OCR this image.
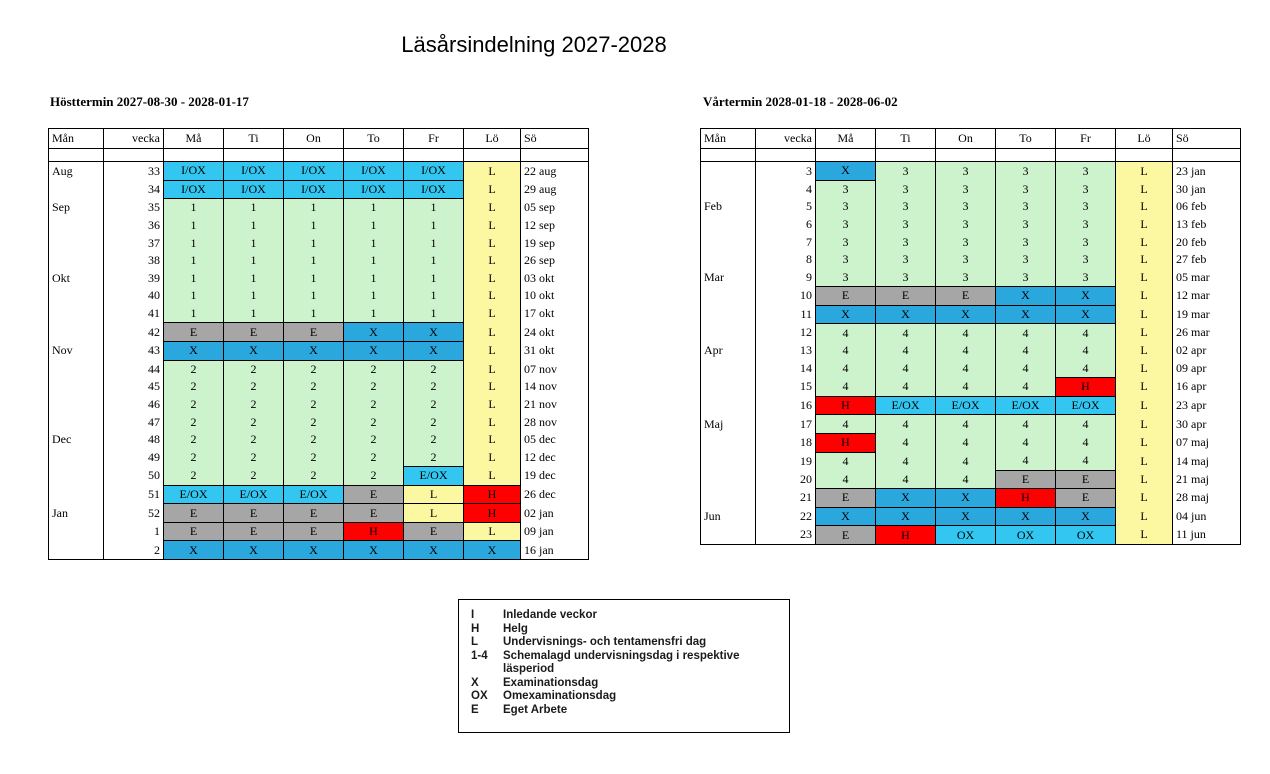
Läsårsindelning 2027-2028
Hösttermin 2027-08-30 - 2028-01-17	Vårtermin 2028-01-18 - 2028-06-02
Mån	vecka	Må	Ti	On	To	Fr	Lö	Sö

Aug	33	I/OX	I/OX	I/OX	I/OX	I/OX	L	22 aug
	34	I/OX	I/OX	I/OX	I/OX	I/OX	L	29 aug
Sep	35	1	1	1	1	1	L	05 sep
	36	1	1	1	1	1	L	12 sep
	37	1	1	1	1	1	L	19 sep
	38	1	1	1	1	1	L	26 sep
Okt	39	1	1	1	1	1	L	03 okt
	40	1	1	1	1	1	L	10 okt
	41	1	1	1	1	1	L	17 okt
	42	E	E	E	X	X	L	24 okt
Nov	43	X	X	X	X	X	L	31 okt
	44	2	2	2	2	2	L	07 nov
	45	2	2	2	2	2	L	14 nov
	46	2	2	2	2	2	L	21 nov
	47	2	2	2	2	2	L	28 nov
Dec	48	2	2	2	2	2	L	05 dec
	49	2	2	2	2	2	L	12 dec
	50	2	2	2	2	E/OX	L	19 dec
	51	E/OX	E/OX	E/OX	E	L	H	26 dec
Jan	52	E	E	E	E	L	H	02 jan
	1	E	E	E	H	E	L	09 jan
	2	X	X	X	X	X	X	16 jan
Mån	vecka	Må	Ti	On	To	Fr	Lö	Sö

	3	X	3	3	3	3	L	23 jan
	4	3	3	3	3	3	L	30 jan
Feb	5	3	3	3	3	3	L	06 feb
	6	3	3	3	3	3	L	13 feb
	7	3	3	3	3	3	L	20 feb
	8	3	3	3	3	3	L	27 feb
Mar	9	3	3	3	3	3	L	05 mar
	10	E	E	E	X	X	L	12 mar
	11	X	X	X	X	X	L	19 mar
	12	4	4	4	4	4	L	26 mar
Apr	13	4	4	4	4	4	L	02 apr
	14	4	4	4	4	4	L	09 apr
	15	4	4	4	4	H	L	16 apr
	16	H	E/OX	E/OX	E/OX	E/OX	L	23 apr
Maj	17	4	4	4	4	4	L	30 apr
	18	H	4	4	4	4	L	07 maj
	19	4	4	4	4	4	L	14 maj
	20	4	4	4	E	E	L	21 maj
	21	E	X	X	H	E	L	28 maj
Jun	22	X	X	X	X	X	L	04 jun
	23	E	H	OX	OX	OX	L	11 jun
I	Inledande veckor
H	Helg
L	Undervisnings- och tentamensfri dag
1-4	Schemalagd undervisningsdag i respektive läsperiod
X	Examinationsdag
OX	Omexaminationsdag
E	Eget Arbete
